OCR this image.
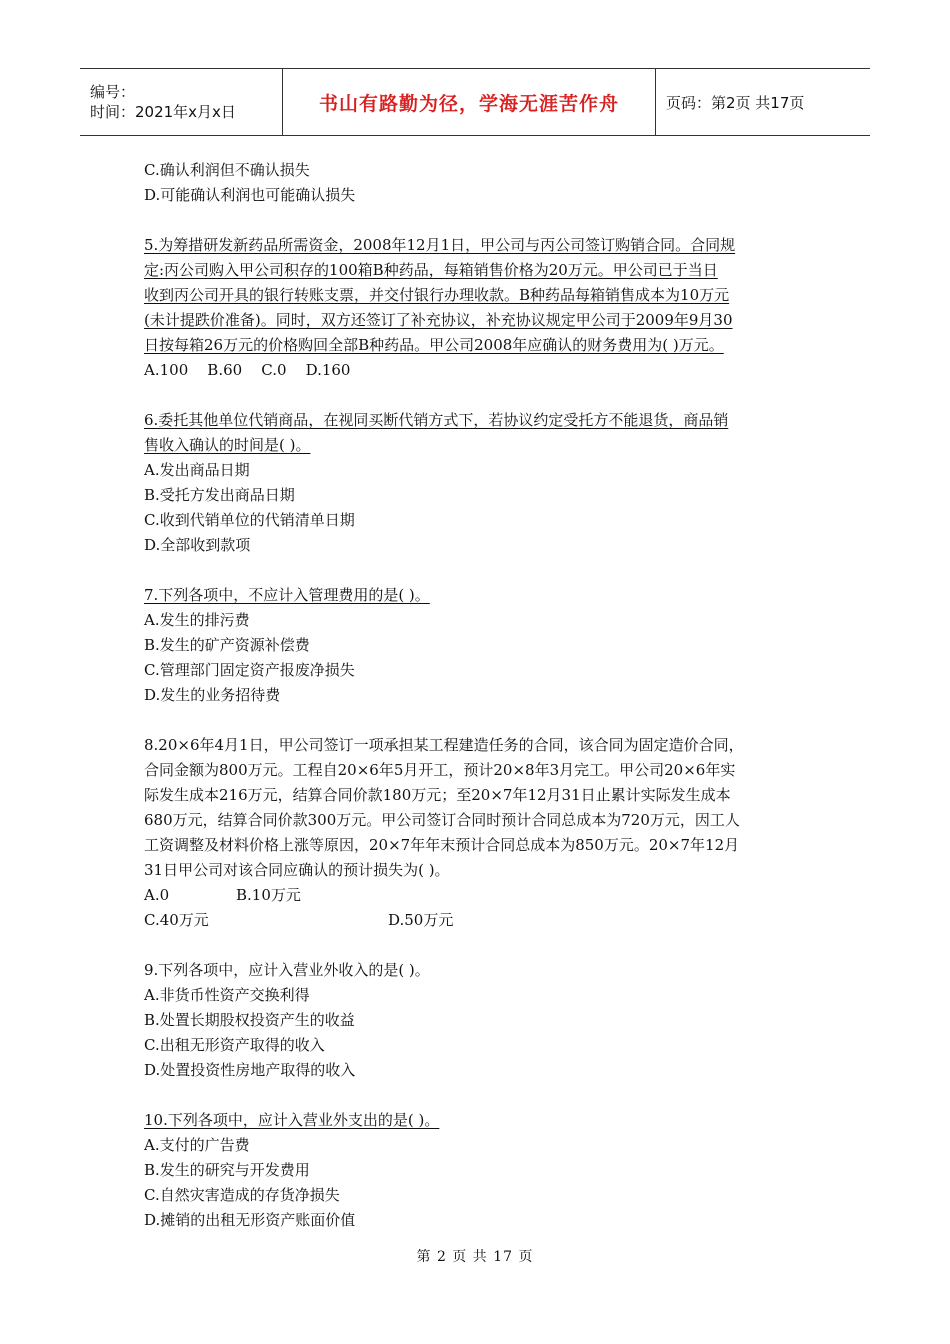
编号：
时间：2021年x月x日	书山有路勤为径，学海无涯苦作舟	页码：第2页 共17页
C.确认利润但不确认损失
D.可能确认利润也可能确认损失
5.为筹措研发新药品所需资金，2008年12月1日，甲公司与丙公司签订购销合同。合同规
定:丙公司购入甲公司积存的100箱B种药品，每箱销售价格为20万元。甲公司已于当日
收到丙公司开具的银行转账支票，并交付银行办理收款。B种药品每箱销售成本为10万元
(未计提跌价准备)。同时，双方还签订了补充协议，补充协议规定甲公司于2009年9月30
日按每箱26万元的价格购回全部B种药品。甲公司2008年应确认的财务费用为( )万元。
A.100    B.60    C.0    D.160
6.委托其他单位代销商品，在视同买断代销方式下，若协议约定受托方不能退货，商品销
售收入确认的时间是( )。
A.发出商品日期
B.受托方发出商品日期
C.收到代销单位的代销清单日期
D.全部收到款项
7.下列各项中，不应计入管理费用的是( )。
A.发生的排污费
B.发生的矿产资源补偿费
C.管理部门固定资产报废净损失
D.发生的业务招待费
8.20×6年4月1日，甲公司签订一项承担某工程建造任务的合同，该合同为固定造价合同，
合同金额为800万元。工程自20×6年5月开工，预计20×8年3月完工。甲公司20×6年实
际发生成本216万元，结算合同价款180万元；至20×7年12月31日止累计实际发生成本
680万元，结算合同价款300万元。甲公司签订合同时预计合同总成本为720万元，因工人
工资调整及材料价格上涨等原因，20×7年年末预计合同总成本为850万元。20×7年12月
31日甲公司对该合同应确认的预计损失为( )。
A.0	B.10万元
C.40万元	D.50万元
9.下列各项中，应计入营业外收入的是( )。
A.非货币性资产交换利得
B.处置长期股权投资产生的收益
C.出租无形资产取得的收入
D.处置投资性房地产取得的收入
10.下列各项中，应计入营业外支出的是( )。
A.支付的广告费
B.发生的研究与开发费用
C.自然灾害造成的存货净损失
D.摊销的出租无形资产账面价值
第 2 页 共 17 页
